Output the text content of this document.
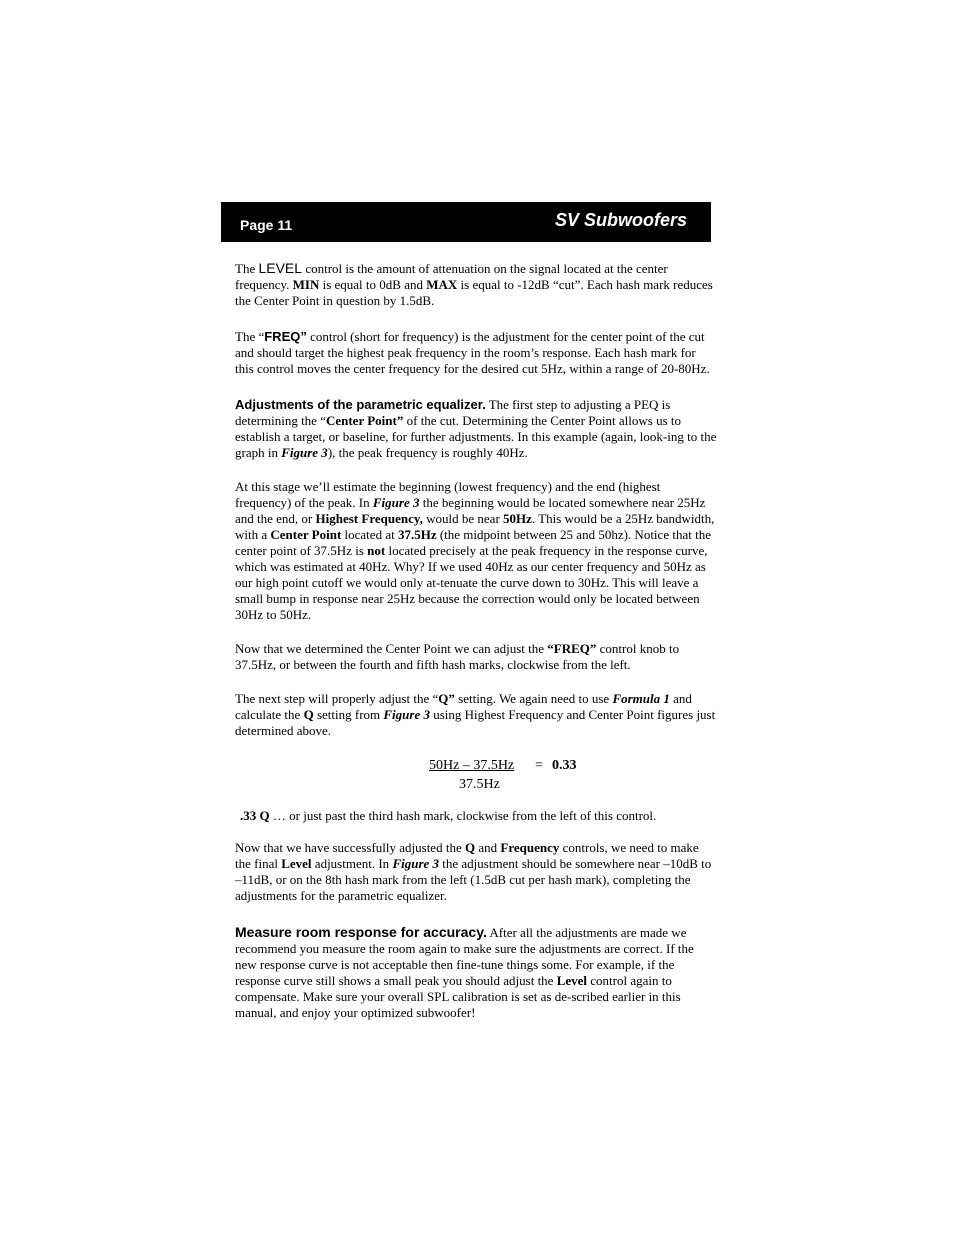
Page 11	SV Subwoofers

The LEVEL control is the amount of attenuation on the signal located at the center frequency. MIN is equal to 0dB and MAX is equal to -12dB “cut”. Each hash mark reduces the Center Point in question by 1.5dB.

The “FREQ” control (short for frequency) is the adjustment for the center point of the cut and should target the highest peak frequency in the room’s response. Each hash mark for this control moves the center frequency for the desired cut 5Hz, within a range of 20-80Hz.

Adjustments of the parametric equalizer. The first step to adjusting a PEQ is determining the “Center Point” of the cut. Determining the Center Point allows us to establish a target, or baseline, for further adjustments. In this example (again, look-ing to the graph in Figure 3), the peak frequency is roughly 40Hz.

At this stage we’ll estimate the beginning (lowest frequency) and the end (highest frequency) of the peak. In Figure 3 the beginning would be located somewhere near 25Hz and the end, or Highest Frequency, would be near 50Hz. This would be a 25Hz bandwidth, with a Center Point located at 37.5Hz (the midpoint between 25 and 50hz). Notice that the center point of 37.5Hz is not located precisely at the peak frequency in the response curve, which was estimated at 40Hz. Why? If we used 40Hz as our center frequency and 50Hz as our high point cutoff we would only at-tenuate the curve down to 30Hz. This will leave a small bump in response near 25Hz because the correction would only be located between 30Hz to 50Hz.

Now that we determined the Center Point we can adjust the “FREQ” control knob to 37.5Hz, or between the fourth and fifth hash marks, clockwise from the left.

The next step will properly adjust the “Q” setting. We again need to use Formula 1 and calculate the Q setting from Figure 3 using Highest Frequency and Center Point figures just determined above.

50Hz – 37.5Hz = 0.33
37.5Hz

.33 Q … or just past the third hash mark, clockwise from the left of this control.

Now that we have successfully adjusted the Q and Frequency controls, we need to make the final Level adjustment. In Figure 3 the adjustment should be somewhere near –10dB to –11dB, or on the 8th hash mark from the left (1.5dB cut per hash mark), completing the adjustments for the parametric equalizer.

Measure room response for accuracy. After all the adjustments are made we recommend you measure the room again to make sure the adjustments are correct. If the new response curve is not acceptable then fine-tune things some. For example, if the response curve still shows a small peak you should adjust the Level control again to compensate. Make sure your overall SPL calibration is set as de-scribed earlier in this manual, and enjoy your optimized subwoofer!
